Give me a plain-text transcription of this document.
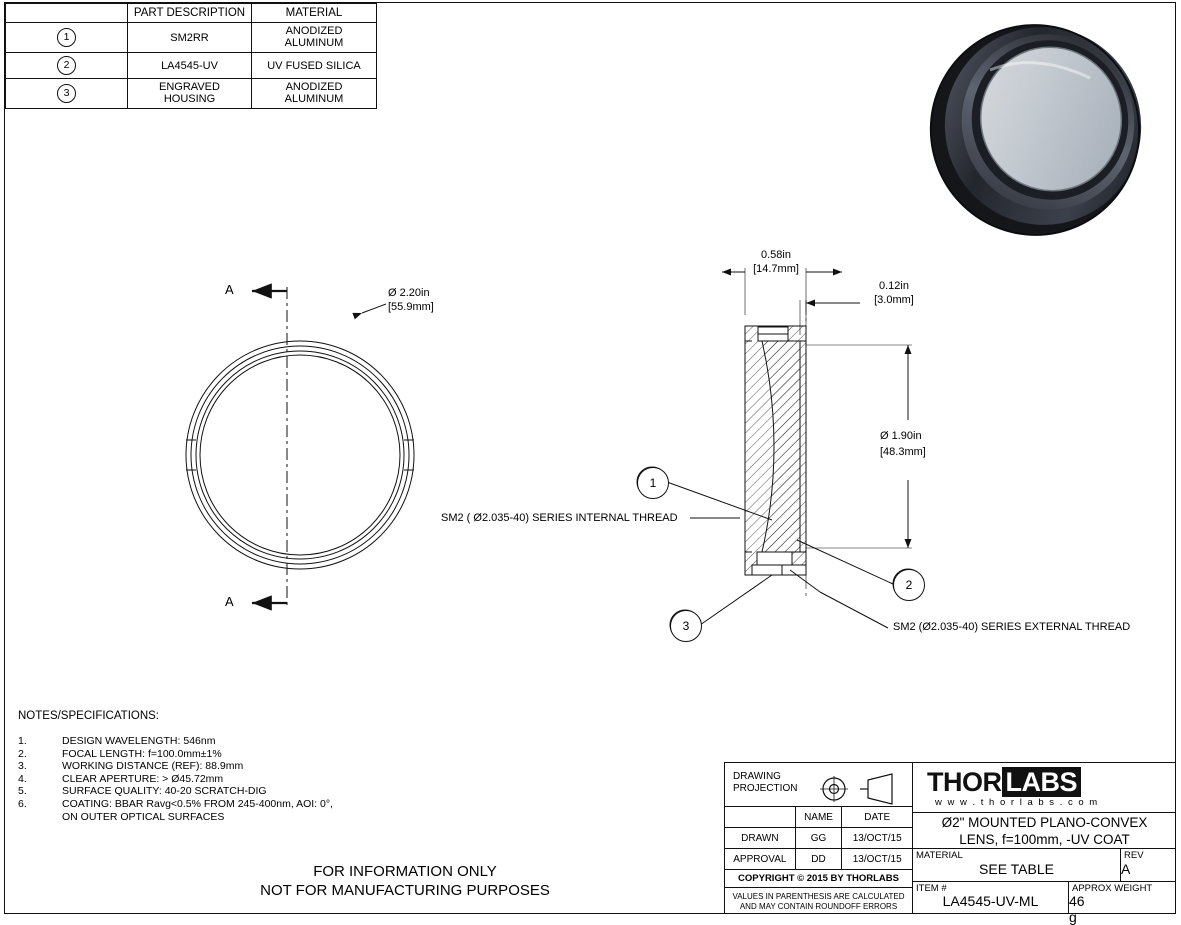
	PART DESCRIPTION	MATERIAL
1	SM2RR	ANODIZED
ALUMINUM
2	LA4545-UV	UV FUSED SILICA
3	ENGRAVED
HOUSING	ANODIZED
ALUMINUM
A
A
Ø 2.20in
[55.9mm]
0.58in
[14.7mm]
0.12in
[3.0mm]
Ø 1.90in
[48.3mm]
SM2 ( Ø2.035-40) SERIES INTERNAL THREAD
SM2 (Ø2.035-40) SERIES EXTERNAL THREAD
1
2
3
NOTES/SPECIFICATIONS:
1.	DESIGN WAVELENGTH: 546nm
2.	FOCAL LENGTH: f=100.0mm±1%
3.	WORKING DISTANCE (REF): 88.9mm
4.	CLEAR APERTURE: > Ø45.72mm
5.	SURFACE QUALITY: 40-20 SCRATCH-DIG
6.	COATING: BBAR Ravg<0.5% FROM 245-400nm, AOI: 0°,
ON OUTER OPTICAL SURFACES
FOR INFORMATION ONLY
NOT FOR MANUFACTURING PURPOSES
DRAWING
PROJECTION
	NAME	DATE
DRAWN	GG	13/OCT/15
APPROVAL	DD	13/OCT/15
COPYRIGHT © 2015 BY THORLABS
VALUES IN PARENTHESIS ARE CALCULATED
AND MAY CONTAIN ROUNDOFF ERRORS
THOR LABS
w w w . t h o r l a b s . c o m
Ø2" MOUNTED PLANO-CONVEX
LENS, f=100mm, -UV COAT
MATERIAL
SEE TABLE
REV
A
ITEM #
LA4545-UV-ML
APPROX WEIGHT
46 g
